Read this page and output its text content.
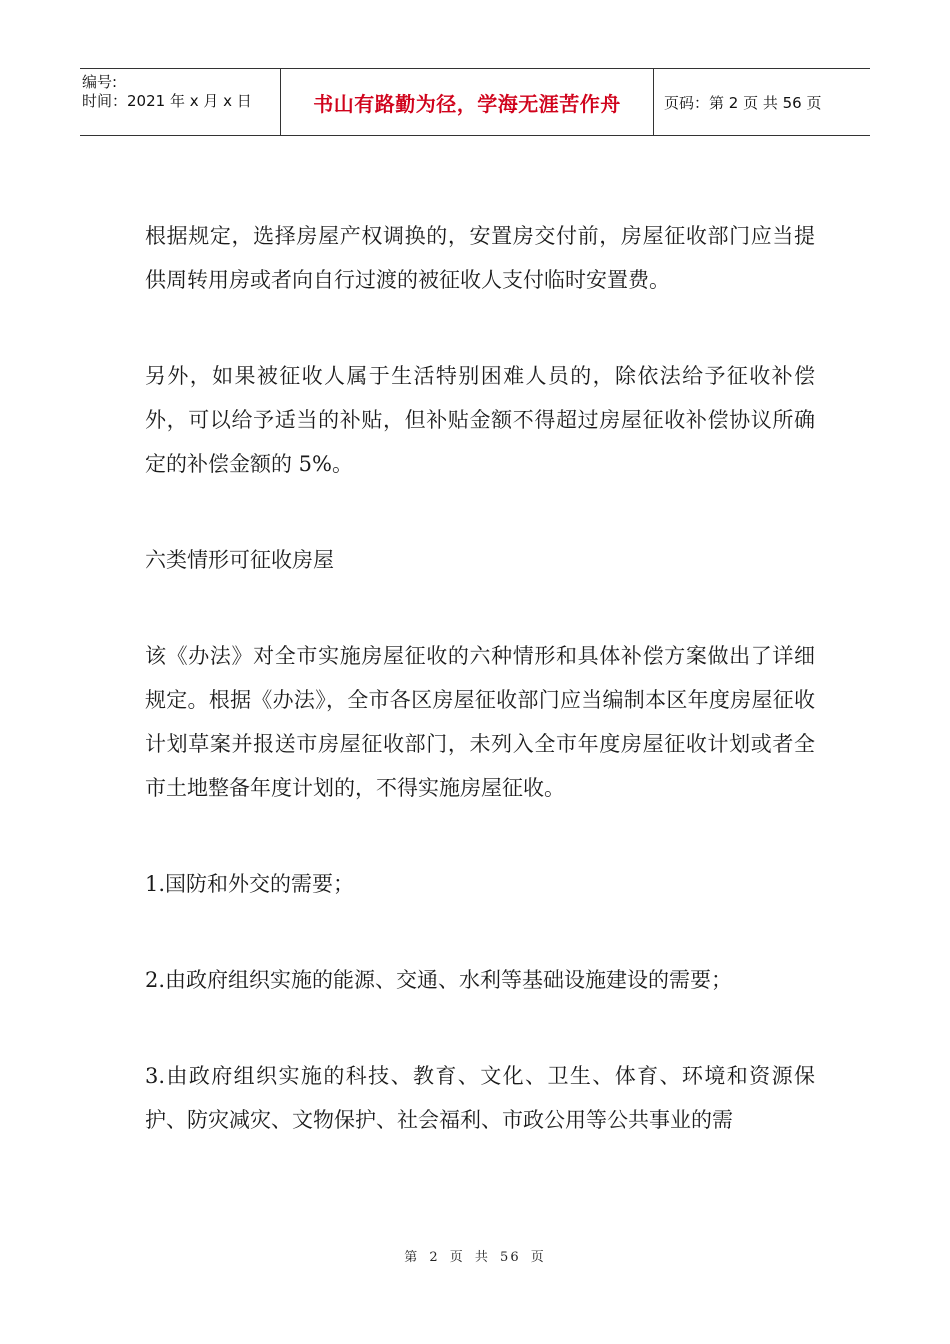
编号:
时间：2021 年 x 月 x 日	书山有路勤为径，学海无涯苦作舟	页码：第 2 页 共 56 页

根据规定，选择房屋产权调换的，安置房交付前，房屋征收部门应当提供周转用房或者向自行过渡的被征收人支付临时安置费。

另外，如果被征收人属于生活特别困难人员的，除依法给予征收补偿外，可以给予适当的补贴，但补贴金额不得超过房屋征收补偿协议所确定的补偿金额的 5%。

六类情形可征收房屋

该《办法》对全市实施房屋征收的六种情形和具体补偿方案做出了详细规定。根据《办法》，全市各区房屋征收部门应当编制本区年度房屋征收计划草案并报送市房屋征收部门，未列入全市年度房屋征收计划或者全市土地整备年度计划的，不得实施房屋征收。

1.国防和外交的需要；

2.由政府组织实施的能源、交通、水利等基础设施建设的需要；

3.由政府组织实施的科技、教育、文化、卫生、体育、环境和资源保护、防灾减灾、文物保护、社会福利、市政公用等公共事业的需

第 2 页 共 56 页
